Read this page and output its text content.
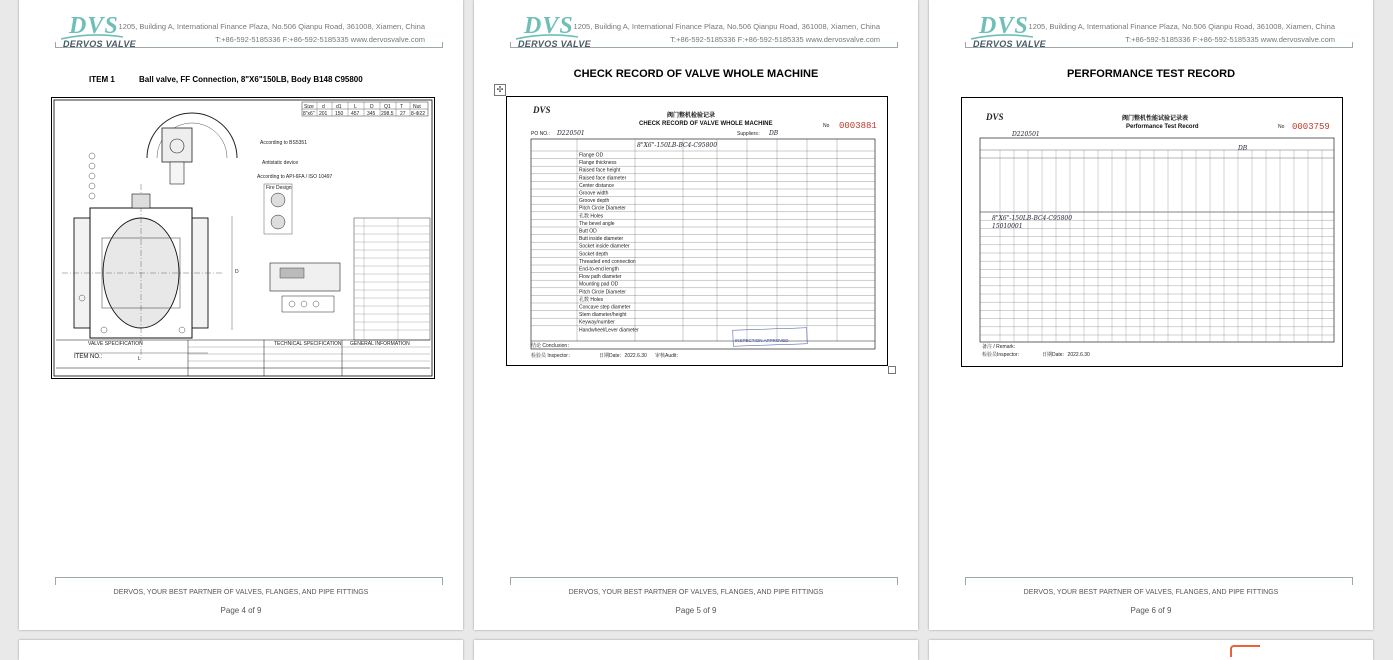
DVS
DERVOS VALVE
1205, Building A, International Finance Plaza, No.506 Qianpu Road, 361008, Xiamen, China
T:+86-592-5185336 F:+86-592-5185335 www.dervosvalve.com
ITEM 1	Ball valve, FF Connection, 8"X6"150LB, Body B148 C95800
Size d d1 L	D Q1 T Nut
8"x6" 201 150 457 345 298.5 27 8-Φ22
L
D
According to BS5351
Antistatic device
According to API-6FA / ISO 10497
Fire Design
VALVE SPECIFICATION	TECHNICAL SPECIFICATION GENERAL INFORMATION
ITEM NO.:
DERVOS, YOUR BEST PARTNER OF VALVES, FLANGES, AND PIPE FITTINGS
Page 4 of 9
DVS
DERVOS VALVE
1205, Building A, International Finance Plaza, No.506 Qianpu Road, 361008, Xiamen, China
T:+86-592-5185336 F:+86-592-5185335 www.dervosvalve.com
CHECK RECORD OF VALVE WHOLE MACHINE
✣
DVS
阀门整机检验记录
CHECK RECORD OF VALVE WHOLE MACHINE	No 0003881
PO NO.: D220501	Suppliers： DB
8"X6"-150LB-BC4-C95800
Flange OD
Flange thickness
Raised face height
Raised face diameter
Center distance
Groove width
Groove depth
Pitch Circle Diameter
孔数 Holes
The bevel angle
Butt OD
Butt inside diameter
Socket inside diameter
Socket depth
Threaded end connection
End-to-end length
Flow path diameter
Mounting pad OD
Pitch Circle Diameter
孔数 Holes
Concave step diameter
Stem diameter/height
Keyway/number
Handwheel/Lever diameter
结论 Conclusion：
检验员 Inspector：	日期Date：2022.6.30 审核Audit：
INSPECTION APPROVED
DERVOS, YOUR BEST PARTNER OF VALVES, FLANGES, AND PIPE FITTINGS
Page 5 of 9
DVS
DERVOS VALVE
1205, Building A, International Finance Plaza, No.506 Qianpu Road, 361008, Xiamen, China
T:+86-592-5185336 F:+86-592-5185335 www.dervosvalve.com
PERFORMANCE TEST RECORD
DVS	阀门整机性能试验记录表
Performance Test Record	No 0003759
D220501
DB
8"X6"-150LB-BC4-C95800
15010001
备注 / Remark：
检验员Inspector：	日期Date：2022.6.30
DERVOS, YOUR BEST PARTNER OF VALVES, FLANGES, AND PIPE FITTINGS
Page 6 of 9
